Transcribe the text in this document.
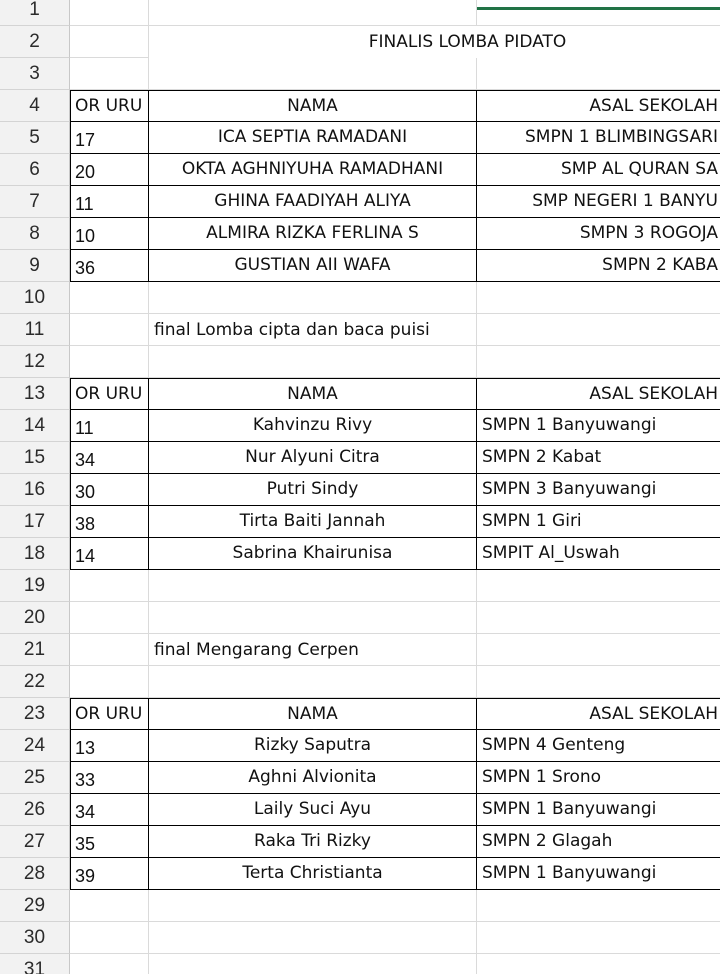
1
2	FINALIS LOMBA PIDATO
3
4	OR URU	NAMA	ASAL SEKOLAH
5	17	ICA SEPTIA RAMADANI	SMPN 1 BLIMBINGSARI
6	20	OKTA AGHNIYUHA RAMADHANI	SMP AL QURAN SA
7	11	GHINA FAADIYAH ALIYA	SMP NEGERI 1 BANYU
8	10	ALMIRA RIZKA FERLINA S	SMPN 3 ROGOJA
9	36	GUSTIAN AII WAFA	SMPN 2 KABA
10
11	final Lomba cipta dan baca puisi
12
13	OR URU	NAMA	ASAL SEKOLAH
14	11	Kahvinzu Rivy	SMPN 1 Banyuwangi
15	34	Nur Alyuni Citra	SMPN 2 Kabat
16	30	Putri Sindy	SMPN 3 Banyuwangi
17	38	Tirta Baiti Jannah	SMPN 1 Giri
18	14	Sabrina Khairunisa	SMPIT Al_Uswah
19
20
21	final Mengarang Cerpen
22
23	OR URU	NAMA	ASAL SEKOLAH
24	13	Rizky Saputra	SMPN 4 Genteng
25	33	Aghni Alvionita	SMPN 1 Srono
26	34	Laily Suci Ayu	SMPN 1 Banyuwangi
27	35	Raka Tri Rizky	SMPN 2 Glagah
28	39	Terta Christianta	SMPN 1 Banyuwangi
29
30
31
